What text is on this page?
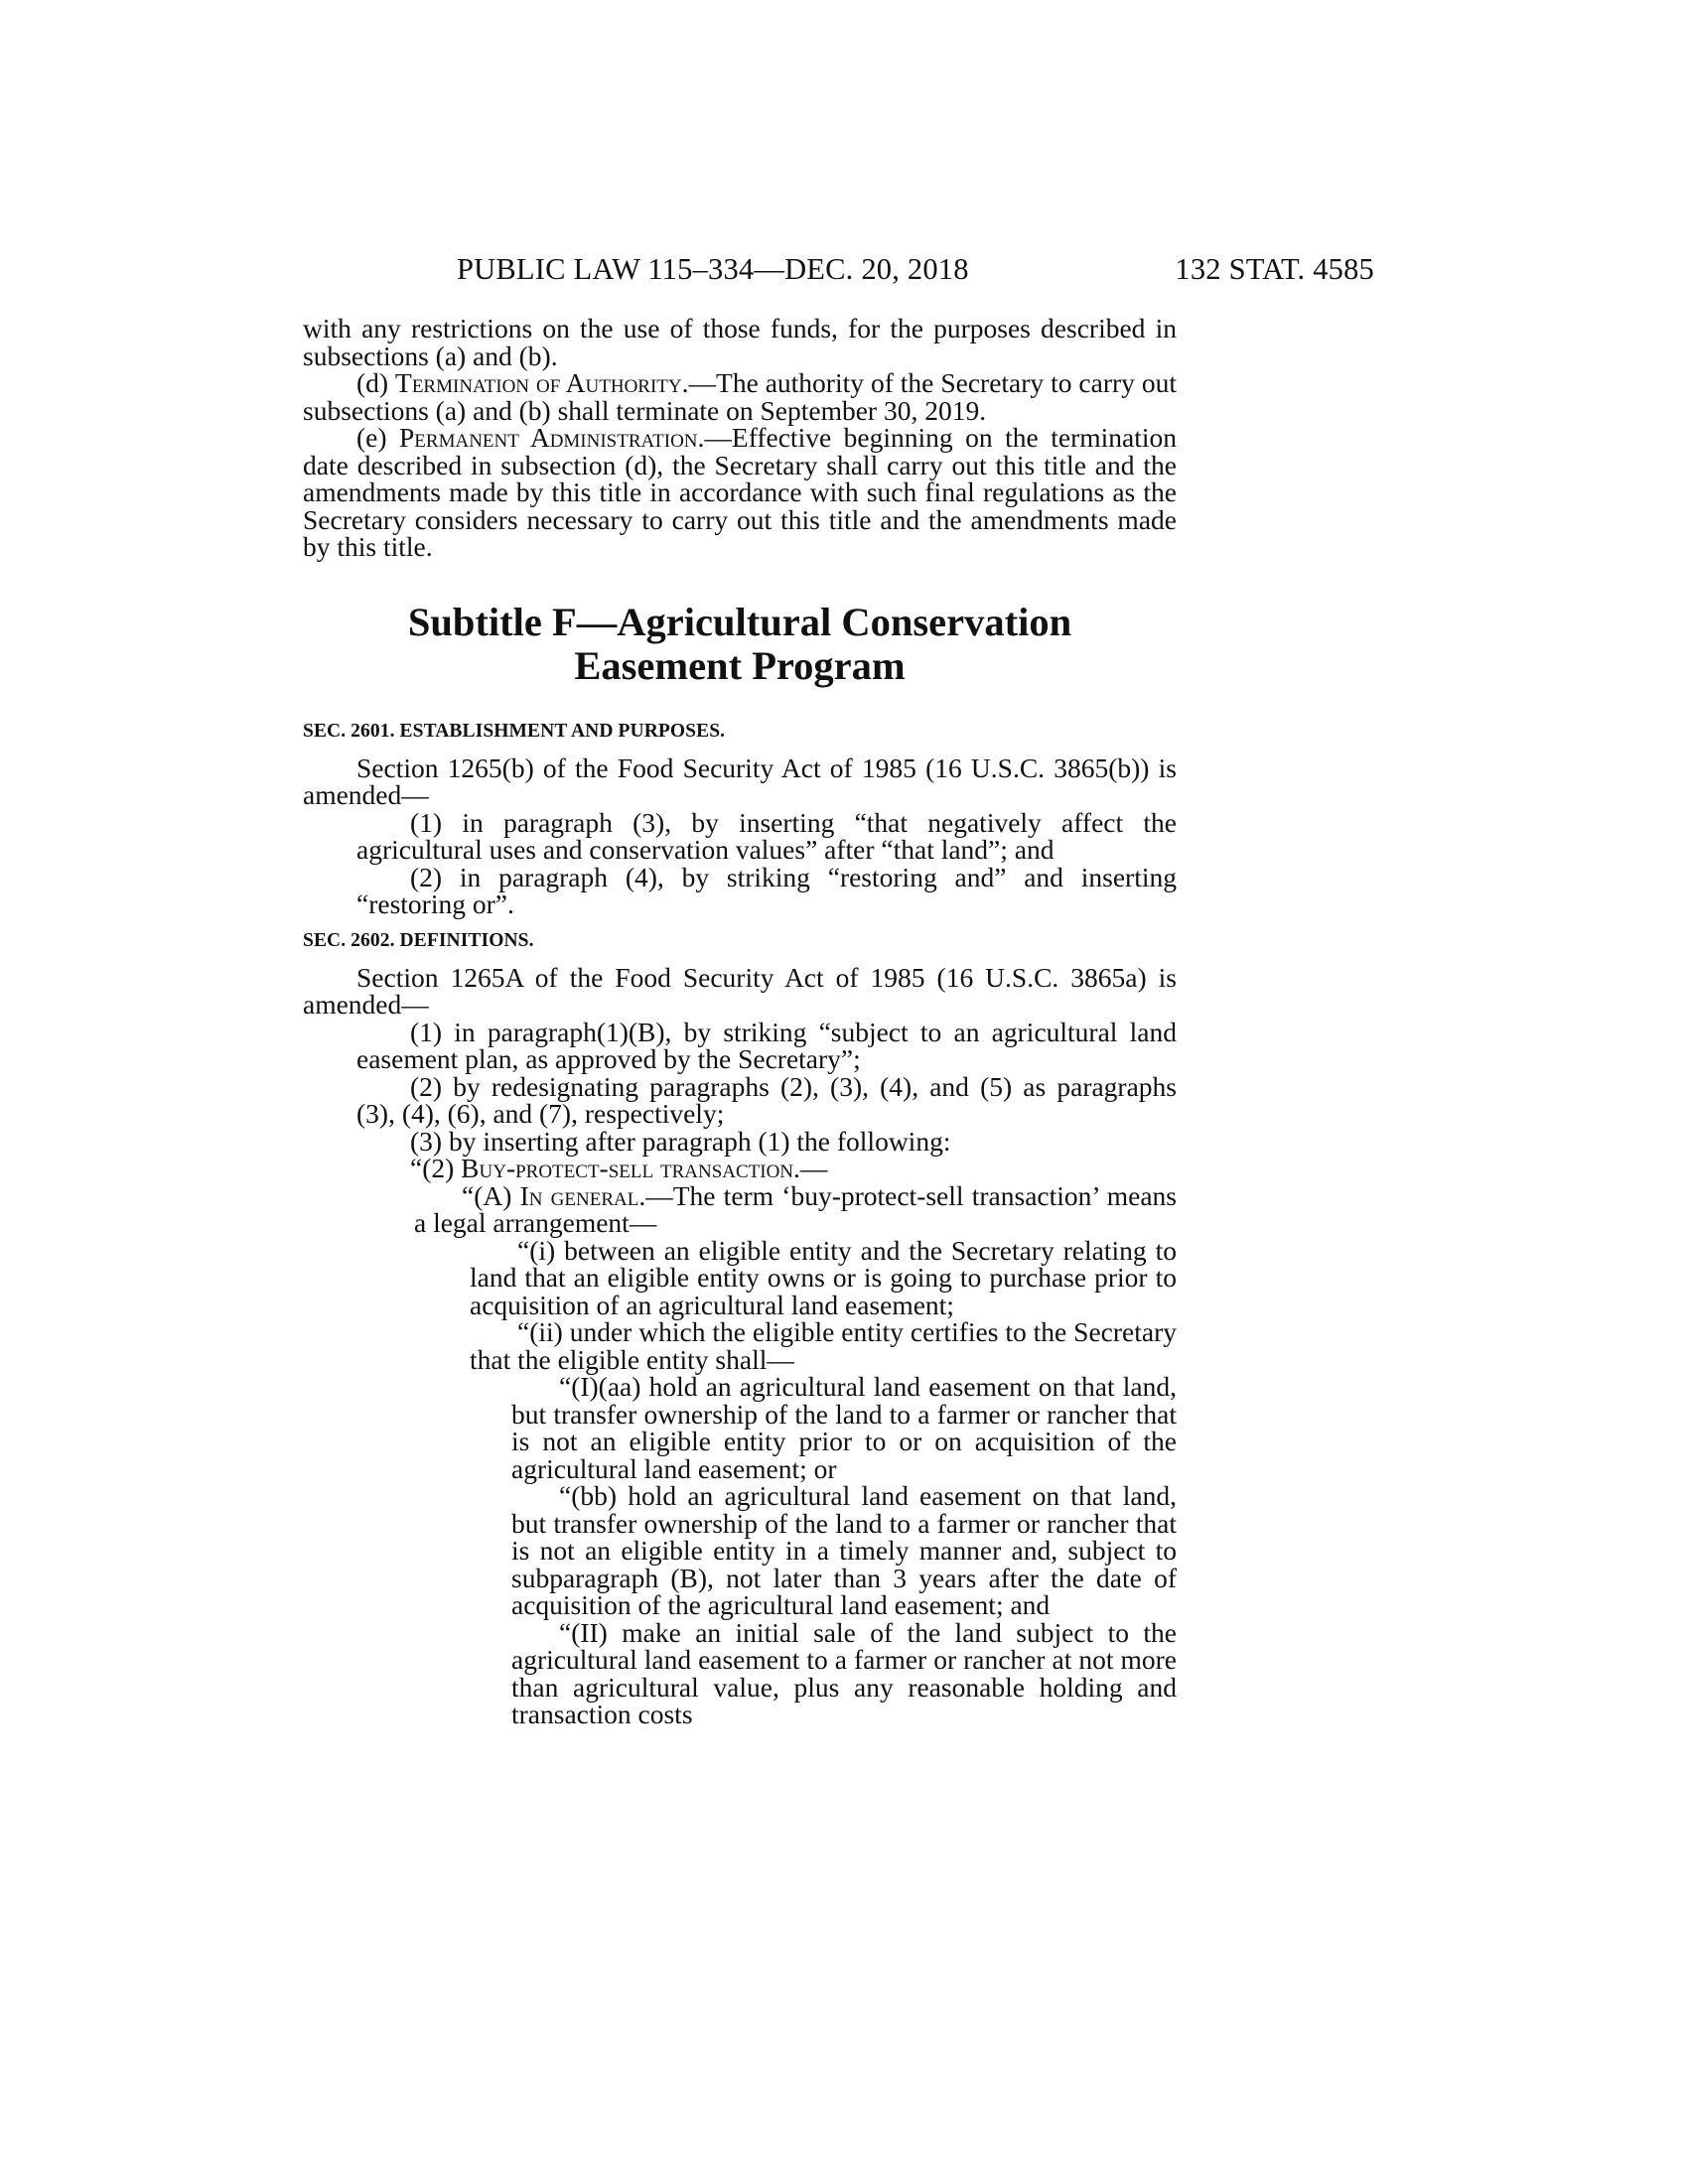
PUBLIC LAW 115–334—DEC. 20, 2018	132 STAT. 4585

with any restrictions on the use of those funds, for the purposes described in subsections (a) and (b).

(d) Termination of Authority.—The authority of the Secretary to carry out subsections (a) and (b) shall terminate on September 30, 2019.

(e) Permanent Administration.—Effective beginning on the termination date described in subsection (d), the Secretary shall carry out this title and the amendments made by this title in accordance with such final regulations as the Secretary considers necessary to carry out this title and the amendments made by this title.

Subtitle F—Agricultural Conservation
Easement Program
SEC. 2601. ESTABLISHMENT AND PURPOSES.

Section 1265(b) of the Food Security Act of 1985 (16 U.S.C. 3865(b)) is amended—

(1) in paragraph (3), by inserting “that negatively affect the agricultural uses and conservation values” after “that land”; and

(2) in paragraph (4), by striking “restoring and” and inserting “restoring or”.

SEC. 2602. DEFINITIONS.

Section 1265A of the Food Security Act of 1985 (16 U.S.C. 3865a) is amended—

(1) in paragraph(1)(B), by striking “subject to an agricultural land easement plan, as approved by the Secretary”;

(2) by redesignating paragraphs (2), (3), (4), and (5) as paragraphs (3), (4), (6), and (7), respectively;

(3) by inserting after paragraph (1) the following:

“(2) Buy-protect-sell transaction.—

“(A) In general.—The term ‘buy-protect-sell transaction’ means a legal arrangement—

“(i) between an eligible entity and the Secretary relating to land that an eligible entity owns or is going to purchase prior to acquisition of an agricultural land easement;

“(ii) under which the eligible entity certifies to the Secretary that the eligible entity shall—

“(I)(aa) hold an agricultural land easement on that land, but transfer ownership of the land to a farmer or rancher that is not an eligible entity prior to or on acquisition of the agricultural land easement; or

“(bb) hold an agricultural land easement on that land, but transfer ownership of the land to a farmer or rancher that is not an eligible entity in a timely manner and, subject to subparagraph (B), not later than 3 years after the date of acquisition of the agricultural land easement; and

“(II) make an initial sale of the land subject to the agricultural land easement to a farmer or rancher at not more than agricultural value, plus any reasonable holding and transaction costs
